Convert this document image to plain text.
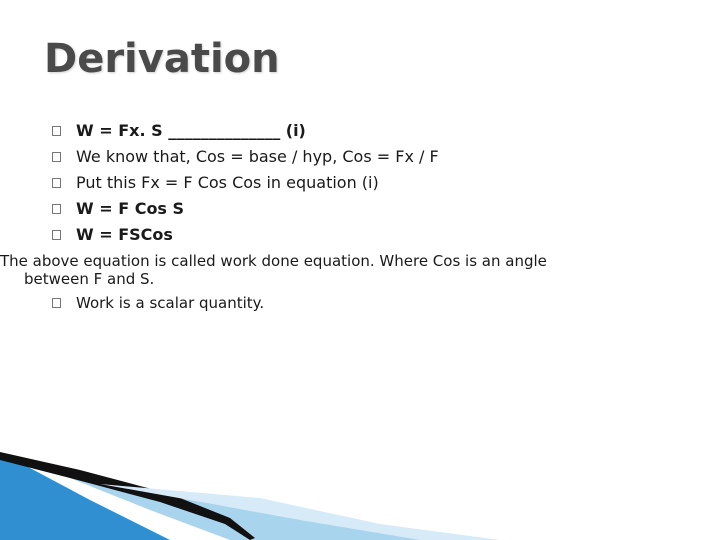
Derivation
W = Fx. S ______________ (i)
We know that, Cos = base / hyp, Cos = Fx / F
Put this Fx = F Cos Cos in equation (i)
W = F Cos S
W = FSCos
The above equation is called work done equation. Where Cos is an angle
between F and S.
Work is a scalar quantity.
